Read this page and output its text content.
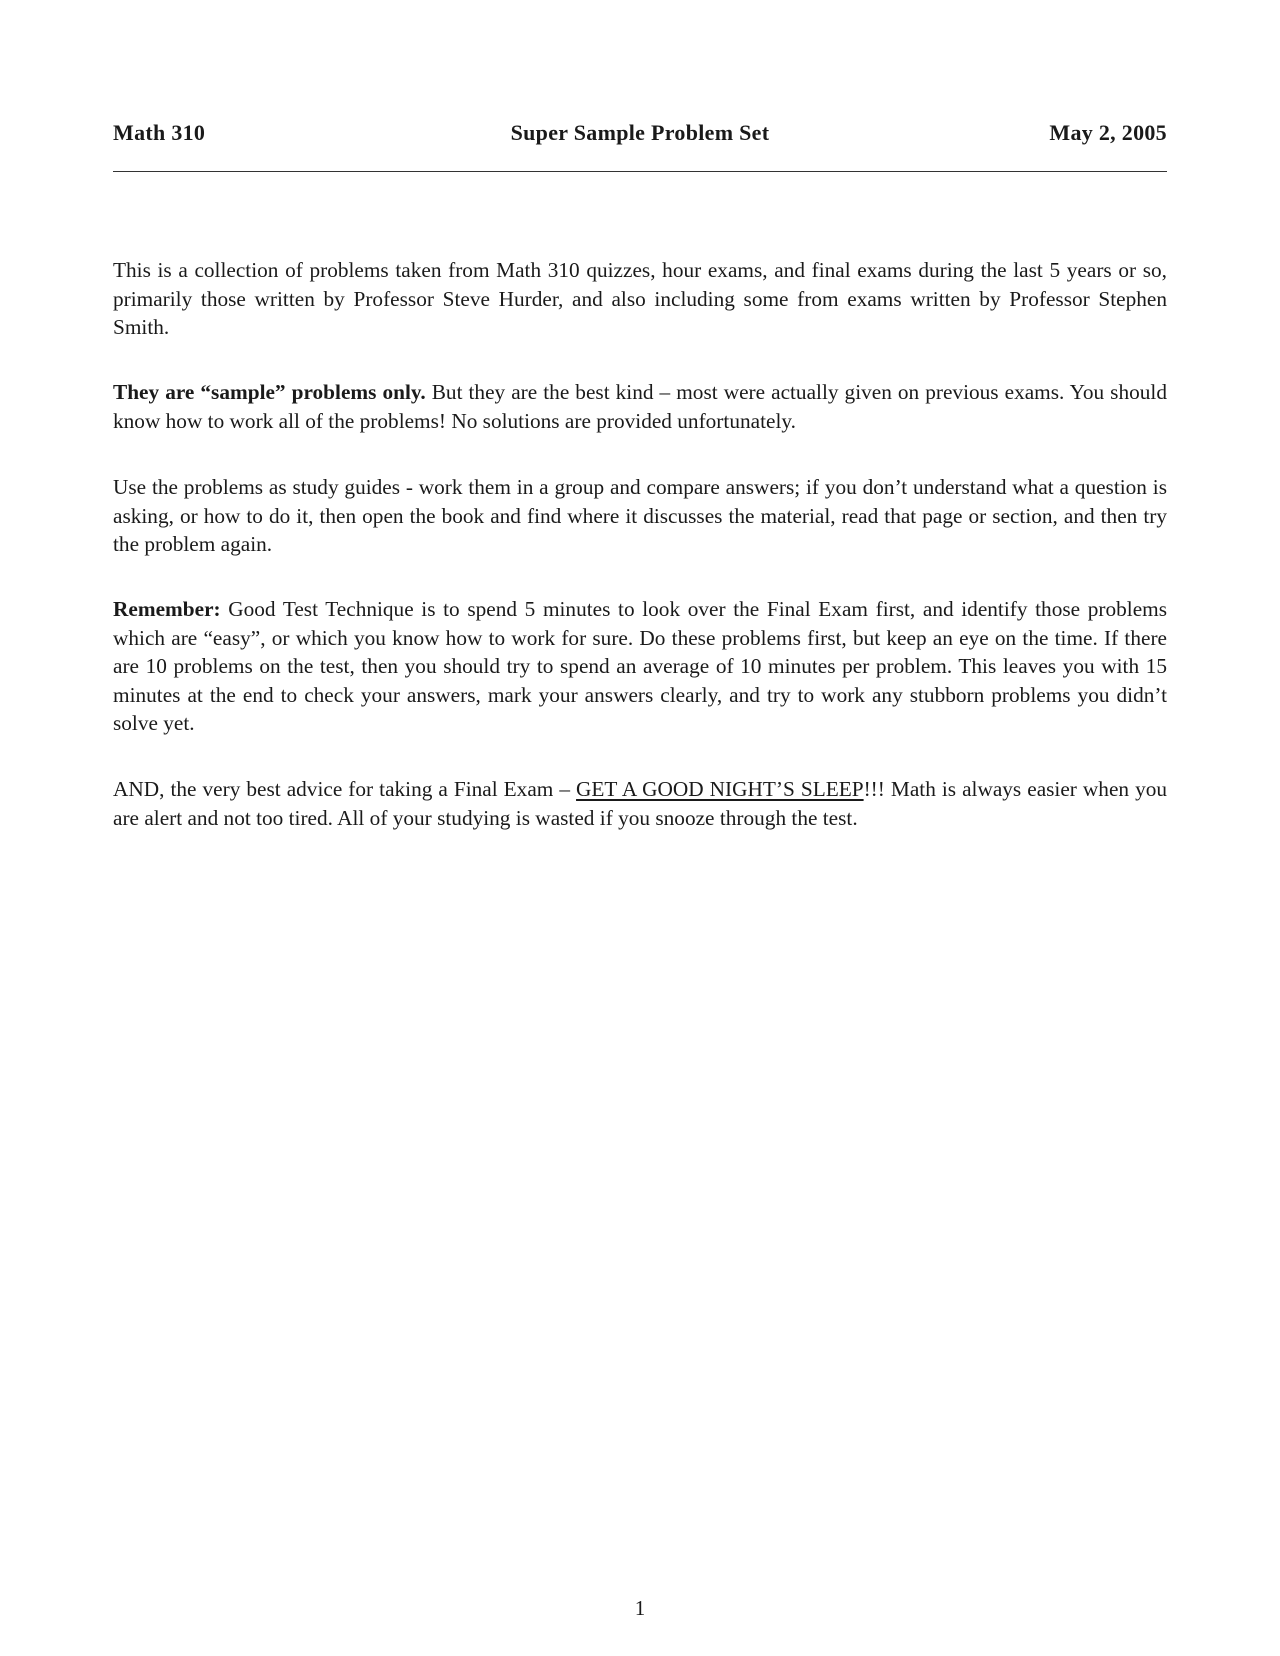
Math 310	Super Sample Problem Set	May 2, 2005

This is a collection of problems taken from Math 310 quizzes, hour exams, and final exams during the last 5 years or so, primarily those written by Professor Steve Hurder, and also including some from exams written by Professor Stephen Smith.

They are “sample” problems only. But they are the best kind – most were actually given on previous exams. You should know how to work all of the problems! No solutions are provided unfortunately.

Use the problems as study guides - work them in a group and compare answers; if you don’t understand what a question is asking, or how to do it, then open the book and find where it discusses the material, read that page or section, and then try the problem again.

Remember: Good Test Technique is to spend 5 minutes to look over the Final Exam first, and identify those problems which are “easy”, or which you know how to work for sure. Do these problems first, but keep an eye on the time. If there are 10 problems on the test, then you should try to spend an average of 10 minutes per problem. This leaves you with 15 minutes at the end to check your answers, mark your answers clearly, and try to work any stubborn problems you didn’t solve yet.

AND, the very best advice for taking a Final Exam – GET A GOOD NIGHT’S SLEEP!!! Math is always easier when you are alert and not too tired. All of your studying is wasted if you snooze through the test.

1
